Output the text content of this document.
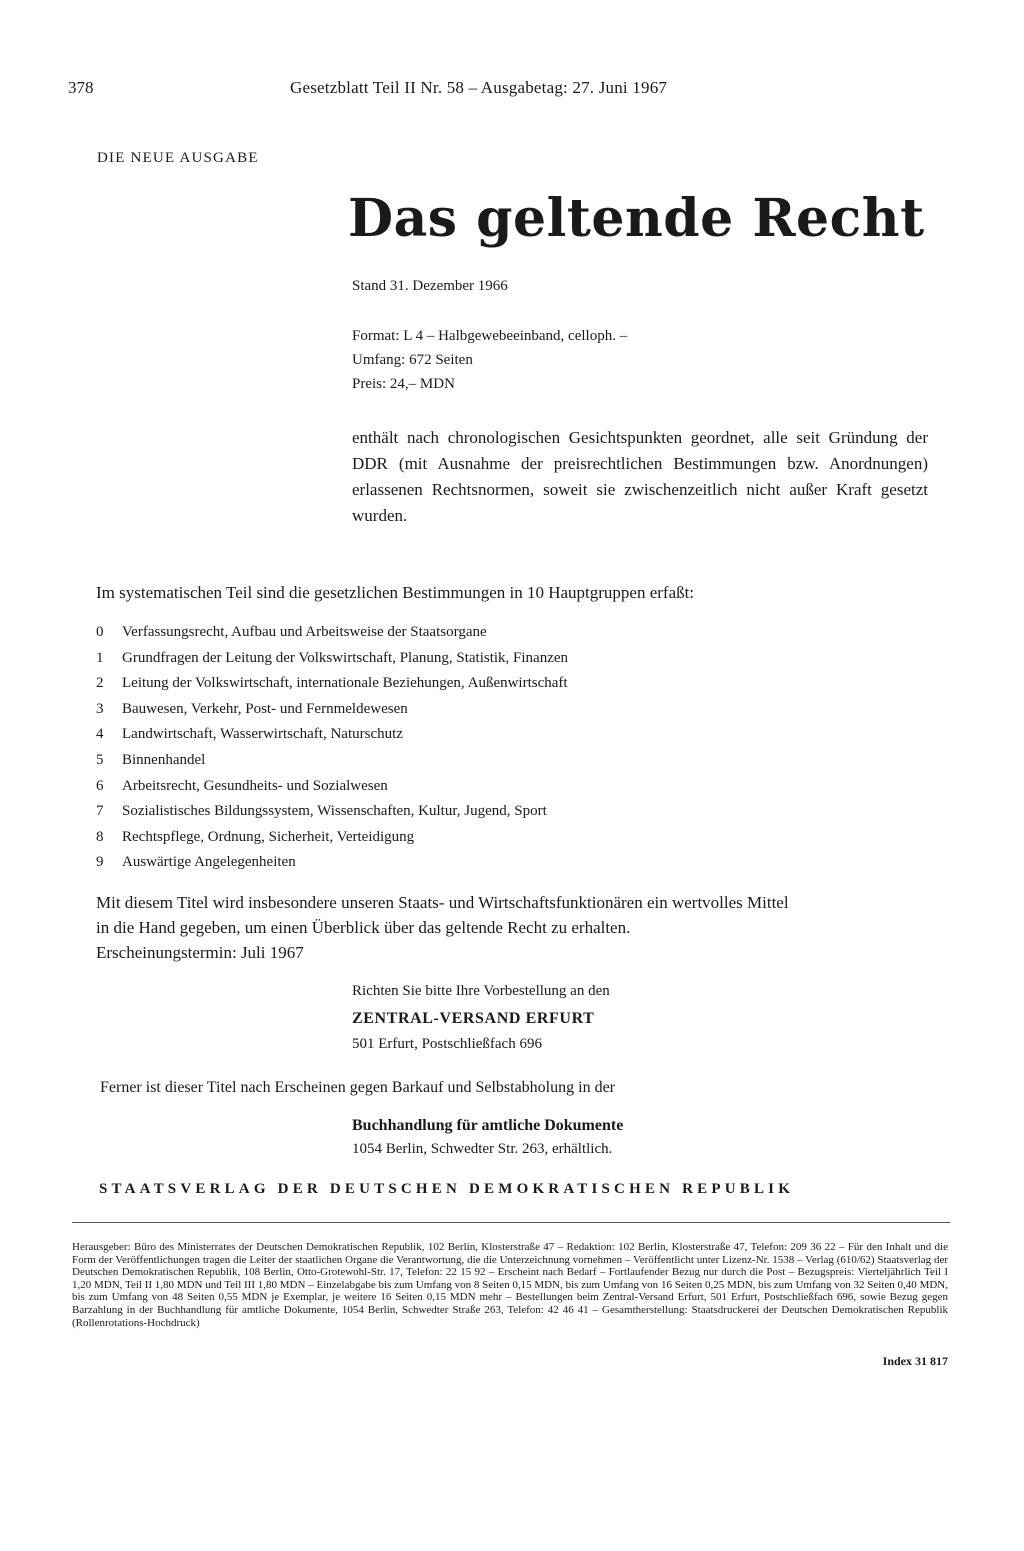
378	Gesetzblatt Teil II Nr. 58 – Ausgabetag: 27. Juni 1967
DIE NEUE AUSGABE
Das geltende Recht
Stand 31. Dezember 1966
Format: L 4 – Halbgewebeeinband, celloph. –
Umfang: 672 Seiten
Preis: 24,– MDN
enthält nach chronologischen Gesichtspunkten geordnet, alle seit Gründung der DDR (mit Ausnahme der preisrechtlichen Bestimmungen bzw. Anordnungen) erlassenen Rechtsnormen, soweit sie zwischenzeitlich nicht außer Kraft gesetzt wurden.
Im systematischen Teil sind die gesetzlichen Bestimmungen in 10 Hauptgruppen erfaßt:
0 Verfassungsrecht, Aufbau und Arbeitsweise der Staatsorgane
1 Grundfragen der Leitung der Volkswirtschaft, Planung, Statistik, Finanzen
2 Leitung der Volkswirtschaft, internationale Beziehungen, Außenwirtschaft
3 Bauwesen, Verkehr, Post- und Fernmeldewesen
4 Landwirtschaft, Wasserwirtschaft, Naturschutz
5 Binnenhandel
6 Arbeitsrecht, Gesundheits- und Sozialwesen
7 Sozialistisches Bildungssystem, Wissenschaften, Kultur, Jugend, Sport
8 Rechtspflege, Ordnung, Sicherheit, Verteidigung
9 Auswärtige Angelegenheiten
Mit diesem Titel wird insbesondere unseren Staats- und Wirtschaftsfunktionären ein wertvolles Mittel
in die Hand gegeben, um einen Überblick über das geltende Recht zu erhalten.
Erscheinungstermin: Juli 1967
Richten Sie bitte Ihre Vorbestellung an den
ZENTRAL-VERSAND ERFURT
501 Erfurt, Postschließfach 696
Ferner ist dieser Titel nach Erscheinen gegen Barkauf und Selbstabholung in der
Buchhandlung für amtliche Dokumente
1054 Berlin, Schwedter Str. 263, erhältlich.
STAATSVERLAG DER DEUTSCHEN DEMOKRATISCHEN REPUBLIK
Herausgeber: Büro des Ministerrates der Deutschen Demokratischen Republik, 102 Berlin, Klosterstraße 47 – Redaktion: 102 Berlin, Klosterstraße 47, Telefon: 209 36 22 – Für den Inhalt und die Form der Veröffentlichungen tragen die Leiter der staatlichen Organe die Verantwortung, die die Unterzeichnung vornehmen – Veröffentlicht unter Lizenz-Nr. 1538 – Verlag (610/62) Staatsverlag der Deutschen Demokratischen Republik, 108 Berlin, Otto-Grotewohl-Str. 17, Telefon: 22 15 92 – Erscheint nach Bedarf – Fortlaufender Bezug nur durch die Post – Bezugspreis: Vierteljährlich Teil I 1,20 MDN, Teil II 1,80 MDN und Teil III 1,80 MDN – Einzelabgabe bis zum Umfang von 8 Seiten 0,15 MDN, bis zum Umfang von 16 Seiten 0,25 MDN, bis zum Umfang von 32 Seiten 0,40 MDN, bis zum Umfang von 48 Seiten 0,55 MDN je Exemplar, je weitere 16 Seiten 0,15 MDN mehr – Bestellungen beim Zentral-Versand Erfurt, 501 Erfurt, Postschließfach 696, sowie Bezug gegen Barzahlung in der Buchhandlung für amtliche Dokumente, 1054 Berlin, Schwedter Straße 263, Telefon: 42 46 41 – Gesamtherstellung: Staatsdruckerei der Deutschen Demokratischen Republik (Rollenrotations-Hochdruck)
Index 31 817
